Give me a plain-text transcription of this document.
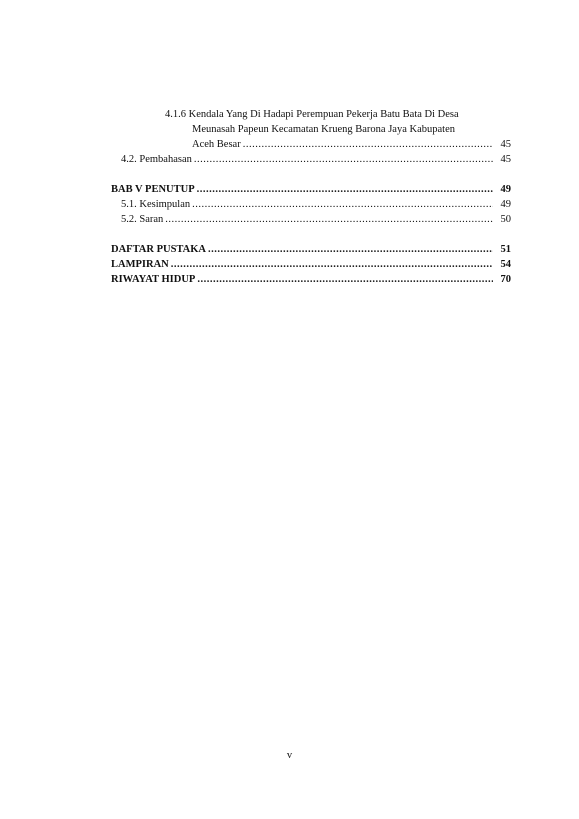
4.1.6 Kendala Yang Di Hadapi Perempuan Pekerja Batu Bata Di Desa
Meunasah Papeun Kecamatan Krueng Barona Jaya Kabupaten
Aceh Besar .....	45
4.2. Pembahasan .....	45
BAB V PENUTUP .....	49
5.1. Kesimpulan .....	49
5.2. Saran .....	50
DAFTAR PUSTAKA .....	51
LAMPIRAN .....	54
RIWAYAT HIDUP .....	70
v
